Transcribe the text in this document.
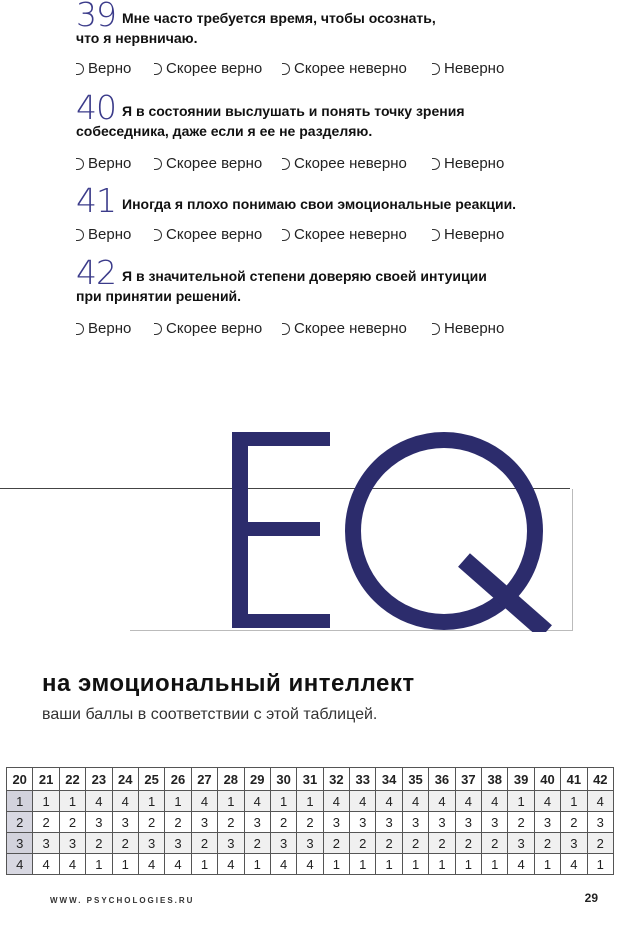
39 Мне часто требуется время, чтобы осознать,
что я нервничаю.
Верно Скорее верно Скорее неверно Неверно
40 Я в состоянии выслушать и понять точку зрения
собеседника, даже если я ее не разделяю.
Верно Скорее верно Скорее неверно Неверно
41 Иногда я плохо понимаю свои эмоциональные реакции.
Верно Скорее верно Скорее неверно Неверно
42 Я в значительной степени доверяю своей интуиции
при принятии решений.
Верно Скорее верно Скорее неверно Неверно
на эмоциональный интеллект
ваши баллы в соответствии с этой таблицей.
20	21	22	23	24	25	26	27	28	29	30	31	32	33	34	35	36	37	38	39	40	41	42
1	1	1	4	4	1	1	4	1	4	1	1	4	4	4	4	4	4	4	1	4	1	4
2	2	2	3	3	2	2	3	2	3	2	2	3	3	3	3	3	3	3	2	3	2	3
3	3	3	2	2	3	3	2	3	2	3	3	2	2	2	2	2	2	2	3	2	3	2
4	4	4	1	1	4	4	1	4	1	4	4	1	1	1	1	1	1	1	4	1	4	1
WWW. PSYCHOLOGIES.RU	29
